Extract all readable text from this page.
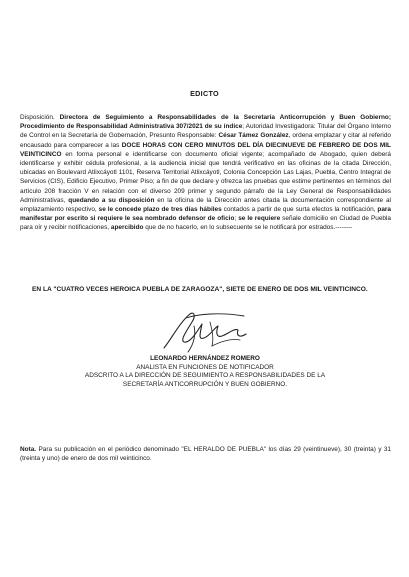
EDICTO

Disposición. Directora de Seguimiento a Responsabilidades de la Secretaría Anticorrupción y Buen Gobierno; Procedimiento de Responsabilidad Administrativa 307/2021 de su índice; Autoridad Investigadora: Titular del Órgano Interno de Control en la Secretaría de Gobernación, Presunto Responsable: César Támez González, ordena emplazar y citar al referido encausado para comparecer a las DOCE HORAS CON CERO MINUTOS DEL DÍA DIECINUEVE DE FEBRERO DE DOS MIL VEINTICINCO en forma personal e identificarse con documento oficial vigente; acompañado de Abogado, quien deberá identificarse y exhibir cédula profesional, a la audiencia inicial que tendrá verificativo en las oficinas de la citada Dirección, ubicadas en Boulevard Atlixcáyotl 1101, Reserva Territorial Atlixcáyotl, Colonia Concepción Las Lajas, Puebla, Centro Integral de Servicios (CIS), Edificio Ejecutivo, Primer Piso; a fin de que declare y ofrezca las pruebas que estime pertinentes en términos del artículo 208 fracción V en relación con el diverso 209 primer y segundo párrafo de la Ley General de Responsabilidades Administrativas, quedando a su disposición en la oficina de la Dirección antes citada la documentación correspondiente al emplazamiento respectivo, se le concede plazo de tres días hábiles contados a partir de que surta efectos la notificación, para manifestar por escrito si requiere le sea nombrado defensor de oficio; se le requiere señale domicilio en Ciudad de Puebla para oír y recibir notificaciones, apercibido que de no hacerlo, en lo subsecuente se le notificará por estrados.--------

EN LA "CUATRO VECES HEROICA PUEBLA DE ZARAGOZA", SIETE DE ENERO DE DOS MIL VEINTICINCO.
LEONARDO HERNÁNDEZ ROMERO
ANALISTA EN FUNCIONES DE NOTIFICADOR
ADSCRITO A LA DIRECCIÓN DE SEGUIMIENTO A RESPONSABILIDADES DE LA
SECRETARÍA ANTICORRUPCIÓN Y BUEN GOBIERNO.

Nota. Para su publicación en el periódico denominado "EL HERALDO DE PUEBLA" los días 29 (veintinueve), 30 (treinta) y 31 (treinta y uno) de enero de dos mil veinticinco.
